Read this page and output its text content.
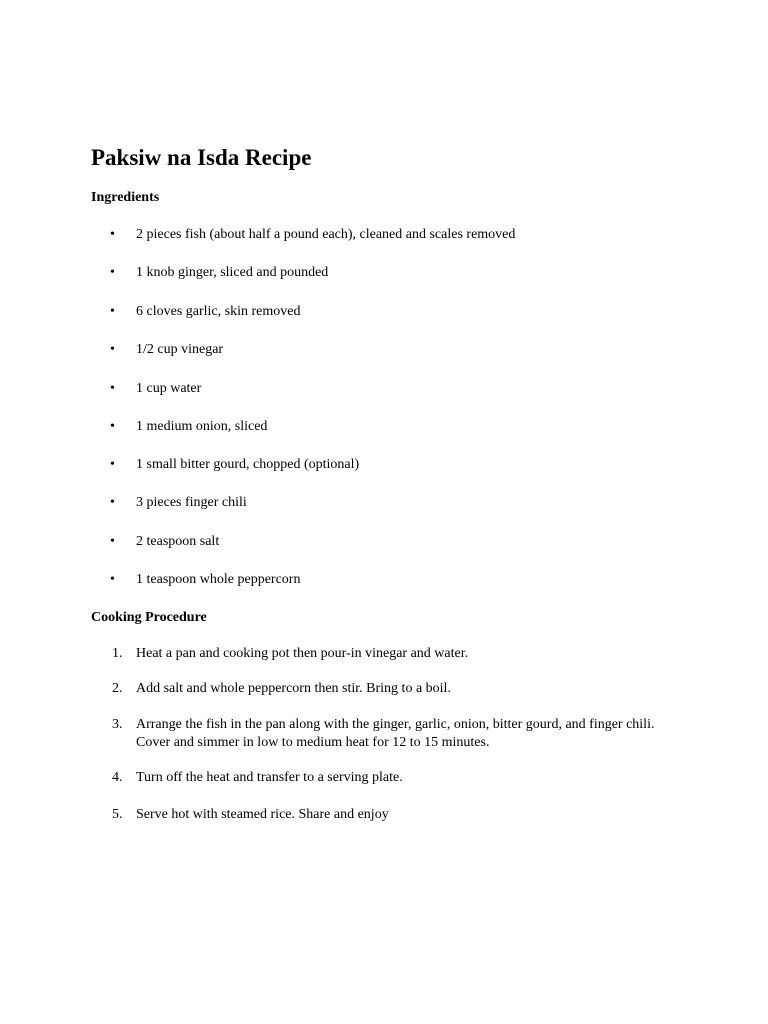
Paksiw na Isda Recipe
Ingredients
•	2 pieces fish (about half a pound each), cleaned and scales removed
•	1 knob ginger, sliced and pounded
•	6 cloves garlic, skin removed
•	1/2 cup vinegar
•	1 cup water
•	1 medium onion, sliced
•	1 small bitter gourd, chopped (optional)
•	3 pieces finger chili
•	2 teaspoon salt
•	1 teaspoon whole peppercorn
Cooking Procedure
1. Heat a pan and cooking pot then pour-in vinegar and water.
2. Add salt and whole peppercorn then stir. Bring to a boil.
3. Arrange the fish in the pan along with the ginger, garlic, onion, bitter gourd, and finger chili. Cover and simmer in low to medium heat for 12 to 15 minutes.
4. Turn off the heat and transfer to a serving plate.
5. Serve hot with steamed rice. Share and enjoy
